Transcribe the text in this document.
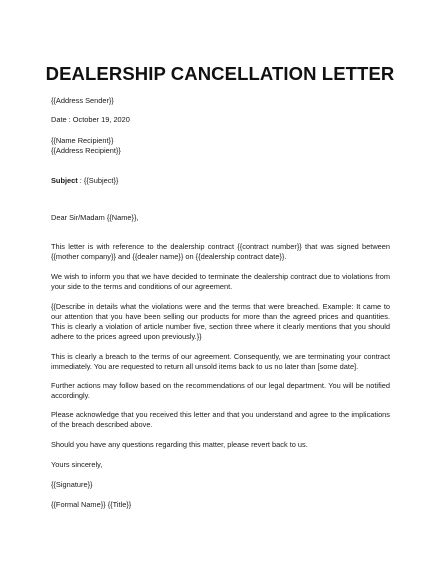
DEALERSHIP CANCELLATION LETTER
{{Address Sender}}
Date : October 19, 2020
{{Name Recipient}}
{{Address Recipient}}
Subject : {{Subject}}
Dear Sir/Madam {{Name}},
This letter is with reference to the dealership contract {{contract number}} that was signed between {{mother company}} and {{dealer name}} on {{dealership contract date}}.
We wish to inform you that we have decided to terminate the dealership contract due to violations from your side to the terms and conditions of our agreement.
{{Describe in details what the violations were and the terms that were breached. Example: It came to our attention that you have been selling our products for more than the agreed prices and quantities. This is clearly a violation of article number five, section three where it clearly mentions that you should adhere to the prices agreed upon previously.}}
This is clearly a breach to the terms of our agreement. Consequently, we are terminating your contract immediately. You are requested to return all unsold items back to us no later than [some date].
Further actions may follow based on the recommendations of our legal department. You will be notified accordingly.
Please acknowledge that you received this letter and that you understand and agree to the implications of the breach described above.
Should you have any questions regarding this matter, please revert back to us.
Yours sincerely,
{{Signature}}
{{Formal Name}} {{Title}}
